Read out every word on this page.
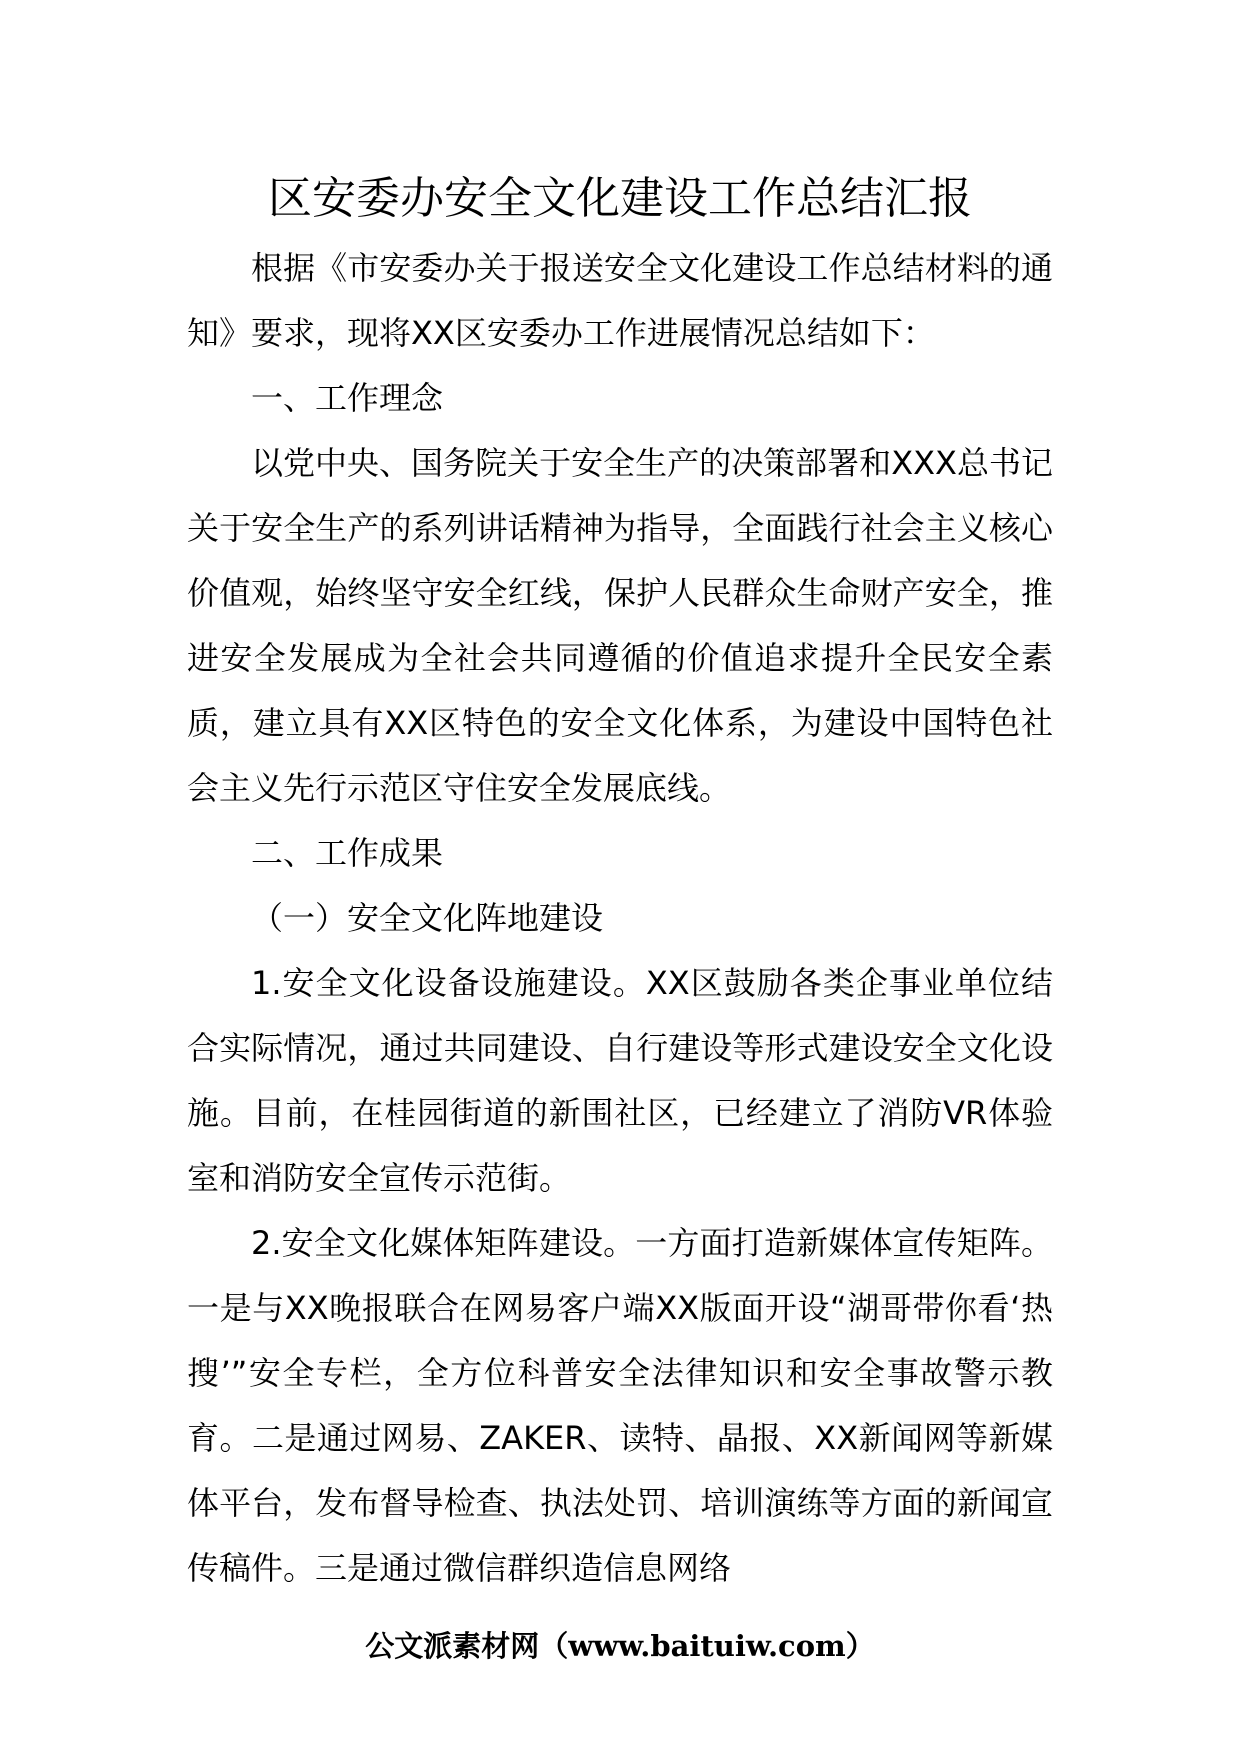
区安委办安全文化建设工作总结汇报

根据《市安委办关于报送安全文化建设工作总结材料的通知》要求，现将XX区安委办工作进展情况总结如下：

一、工作理念

以党中央、国务院关于安全生产的决策部署和XXX总书记关于安全生产的系列讲话精神为指导，全面践行社会主义核心价值观，始终坚守安全红线，保护人民群众生命财产安全，推进安全发展成为全社会共同遵循的价值追求提升全民安全素质，建立具有XX区特色的安全文化体系，为建设中国特色社会主义先行示范区守住安全发展底线。

二、工作成果

（一）安全文化阵地建设

1.安全文化设备设施建设。XX区鼓励各类企事业单位结合实际情况，通过共同建设、自行建设等形式建设安全文化设施。目前，在桂园街道的新围社区，已经建立了消防VR体验室和消防安全宣传示范街。

2.安全文化媒体矩阵建设。一方面打造新媒体宣传矩阵。一是与XX晚报联合在网易客户端XX版面开设“湖哥带你看‘热搜’”安全专栏，全方位科普安全法律知识和安全事故警示教育。二是通过网易、ZAKER、读特、晶报、XX新闻网等新媒体平台，发布督导检查、执法处罚、培训演练等方面的新闻宣传稿件。三是通过微信群织造信息网络

公文派素材网（www.baituiw.com）
